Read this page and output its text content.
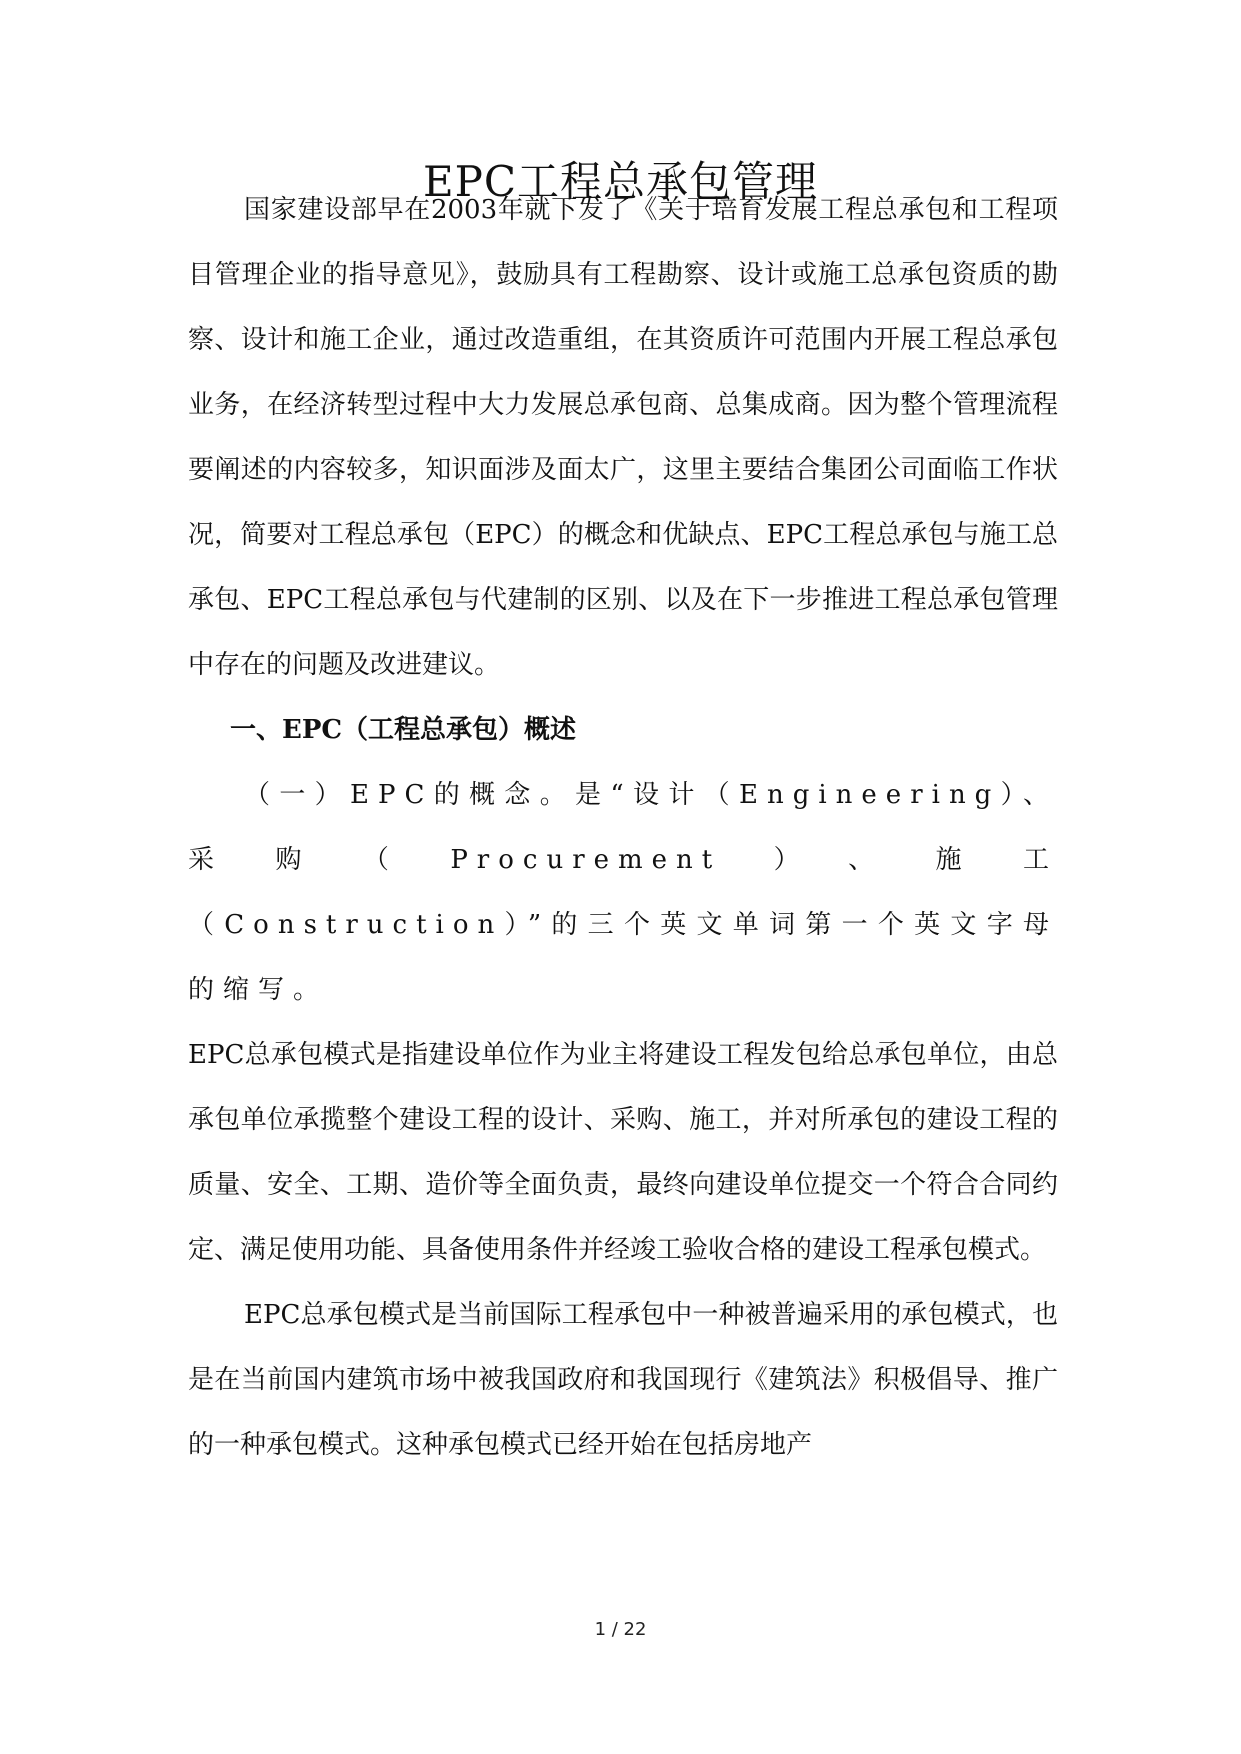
EPC工程总承包管理

国家建设部早在2003年就下发了《关于培育发展工程总承包和工程项目管理企业的指导意见》，鼓励具有工程勘察、设计或施工总承包资质的勘察、设计和施工企业，通过改造重组，在其资质许可范围内开展工程总承包业务，在经济转型过程中大力发展总承包商、总集成商。因为整个管理流程要阐述的内容较多，知识面涉及面太广，这里主要结合集团公司面临工作状况，简要对工程总承包（EPC）的概念和优缺点、EPC工程总承包与施工总承包、EPC工程总承包与代建制的区别、以及在下一步推进工程总承包管理中存在的问题及改进建议。

一、EPC（工程总承包）概述

（一）EPC的概念。是“设计（Engineering）、采购（Procurement）、施工（Construction）”的三个英文单词第一个英文字母的缩写。

EPC总承包模式是指建设单位作为业主将建设工程发包给总承包单位，由总承包单位承揽整个建设工程的设计、采购、施工，并对所承包的建设工程的质量、安全、工期、造价等全面负责，最终向建设单位提交一个符合合同约定、满足使用功能、具备使用条件并经竣工验收合格的建设工程承包模式。

EPC总承包模式是当前国际工程承包中一种被普遍采用的承包模式，也是在当前国内建筑市场中被我国政府和我国现行《建筑法》积极倡导、推广的一种承包模式。这种承包模式已经开始在包括房地产

1 / 22
